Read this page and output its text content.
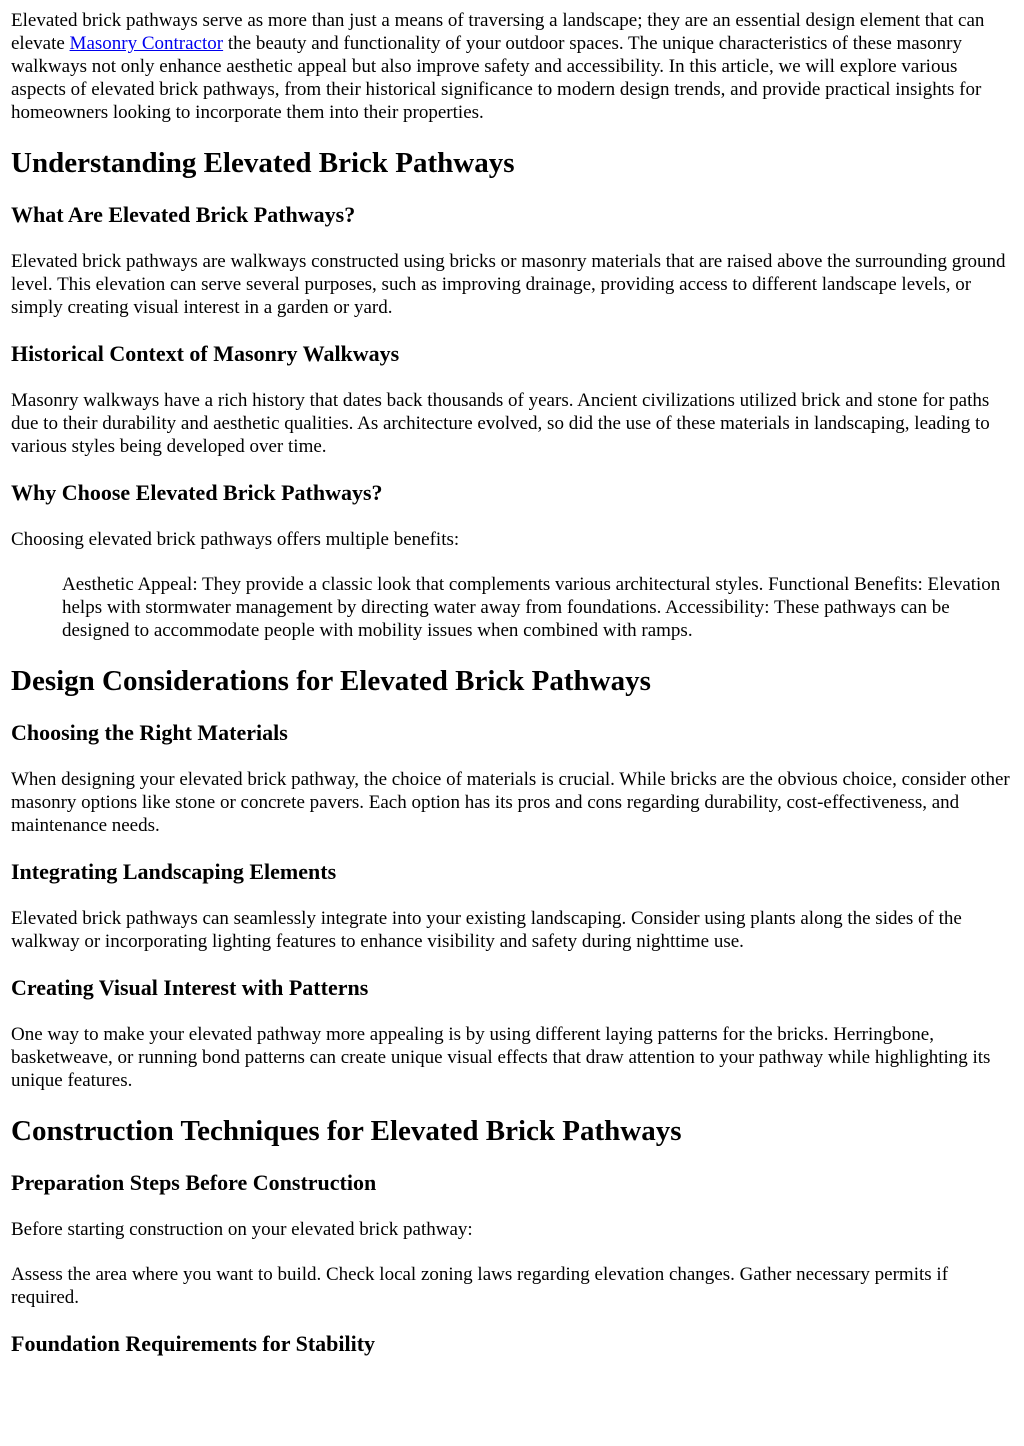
Elevated brick pathways serve as more than just a means of traversing a landscape; they are an essential design element that can elevate Masonry Contractor the beauty and functionality of your outdoor spaces. The unique characteristics of these masonry walkways not only enhance aesthetic appeal but also improve safety and accessibility. In this article, we will explore various aspects of elevated brick pathways, from their historical significance to modern design trends, and provide practical insights for homeowners looking to incorporate them into their properties.

Understanding Elevated Brick Pathways
What Are Elevated Brick Pathways?

Elevated brick pathways are walkways constructed using bricks or masonry materials that are raised above the surrounding ground level. This elevation can serve several purposes, such as improving drainage, providing access to different landscape levels, or simply creating visual interest in a garden or yard.

Historical Context of Masonry Walkways

Masonry walkways have a rich history that dates back thousands of years. Ancient civilizations utilized brick and stone for paths due to their durability and aesthetic qualities. As architecture evolved, so did the use of these materials in landscaping, leading to various styles being developed over time.

Why Choose Elevated Brick Pathways?

Choosing elevated brick pathways offers multiple benefits:

Aesthetic Appeal: They provide a classic look that complements various architectural styles. Functional Benefits: Elevation helps with stormwater management by directing water away from foundations. Accessibility: These pathways can be designed to accommodate people with mobility issues when combined with ramps.
Design Considerations for Elevated Brick Pathways
Choosing the Right Materials

When designing your elevated brick pathway, the choice of materials is crucial. While bricks are the obvious choice, consider other masonry options like stone or concrete pavers. Each option has its pros and cons regarding durability, cost-effectiveness, and maintenance needs.

Integrating Landscaping Elements

Elevated brick pathways can seamlessly integrate into your existing landscaping. Consider using plants along the sides of the walkway or incorporating lighting features to enhance visibility and safety during nighttime use.

Creating Visual Interest with Patterns

One way to make your elevated pathway more appealing is by using different laying patterns for the bricks. Herringbone, basketweave, or running bond patterns can create unique visual effects that draw attention to your pathway while highlighting its unique features.

Construction Techniques for Elevated Brick Pathways
Preparation Steps Before Construction

Before starting construction on your elevated brick pathway:

Assess the area where you want to build. Check local zoning laws regarding elevation changes. Gather necessary permits if required.

Foundation Requirements for Stability
